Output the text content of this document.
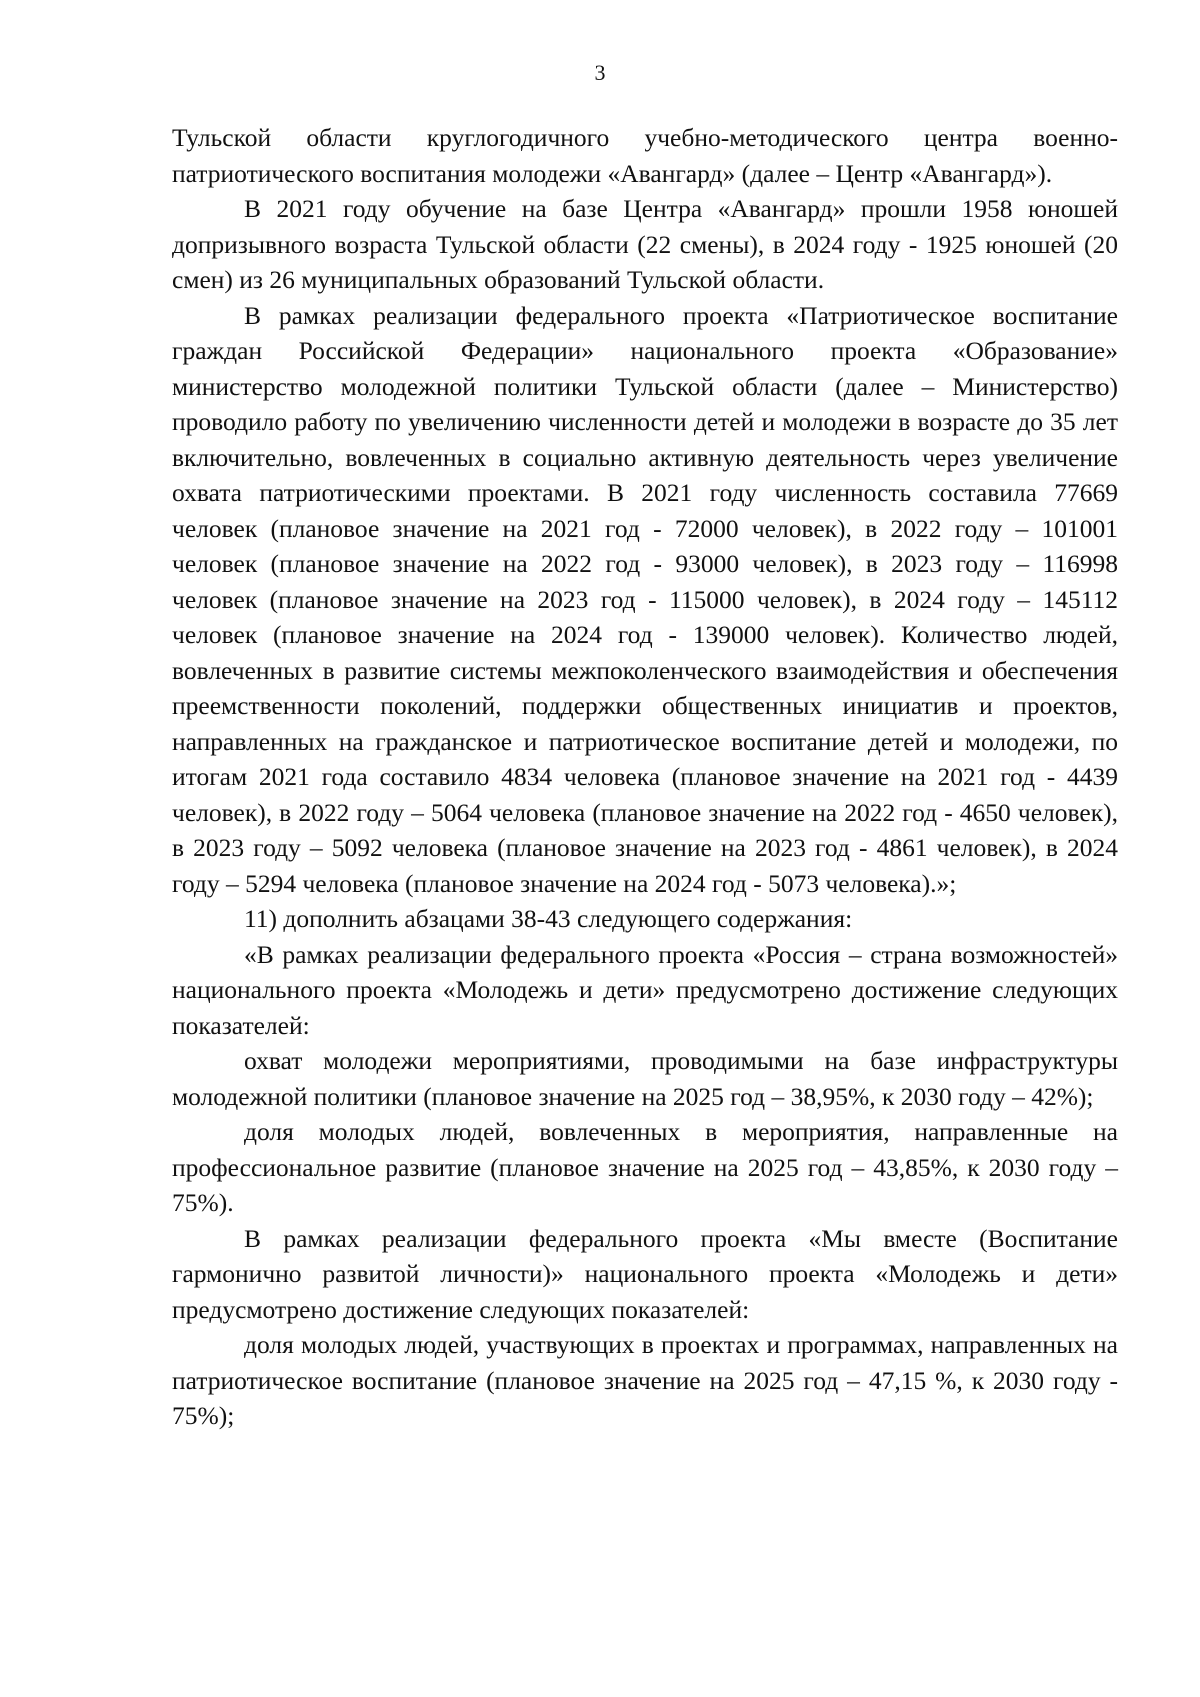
3

Тульской области круглогодичного учебно-методического центра военно-патриотического воспитания молодежи «Авангард» (далее – Центр «Авангард»).

В 2021 году обучение на базе Центра «Авангард» прошли 1958 юношей допризывного возраста Тульской области (22 смены), в 2024 году - 1925 юношей (20 смен) из 26 муниципальных образований Тульской области.

В рамках реализации федерального проекта «Патриотическое воспитание граждан Российской Федерации» национального проекта «Образование» министерство молодежной политики Тульской области (далее – Министерство) проводило работу по увеличению численности детей и молодежи в возрасте до 35 лет включительно, вовлеченных в социально активную деятельность через увеличение охвата патриотическими проектами. В 2021 году численность составила 77669 человек (плановое значение на 2021 год - 72000 человек), в 2022 году – 101001 человек (плановое значение на 2022 год - 93000 человек), в 2023 году – 116998 человек (плановое значение на 2023 год - 115000 человек), в 2024 году – 145112 человек (плановое значение на 2024 год - 139000 человек). Количество людей, вовлеченных в развитие системы межпоколенческого взаимодействия и обеспечения преемственности поколений, поддержки общественных инициатив и проектов, направленных на гражданское и патриотическое воспитание детей и молодежи, по итогам 2021 года составило 4834 человека (плановое значение на 2021 год - 4439 человек), в 2022 году – 5064 человека (плановое значение на 2022 год - 4650 человек), в 2023 году – 5092 человека (плановое значение на 2023 год - 4861 человек), в 2024 году – 5294 человека (плановое значение на 2024 год - 5073 человека).»;

11) дополнить абзацами 38-43 следующего содержания:

«В рамках реализации федерального проекта «Россия – страна возможностей» национального проекта «Молодежь и дети» предусмотрено достижение следующих показателей:

охват молодежи мероприятиями, проводимыми на базе инфраструктуры молодежной политики (плановое значение на 2025 год – 38,95%, к 2030 году – 42%);

доля молодых людей, вовлеченных в мероприятия, направленные на профессиональное развитие (плановое значение на 2025 год – 43,85%, к 2030 году – 75%).

В рамках реализации федерального проекта «Мы вместе (Воспитание гармонично развитой личности)» национального проекта «Молодежь и дети» предусмотрено достижение следующих показателей:

доля молодых людей, участвующих в проектах и программах, направленных на патриотическое воспитание (плановое значение на 2025 год – 47,15 %, к 2030 году - 75%);
